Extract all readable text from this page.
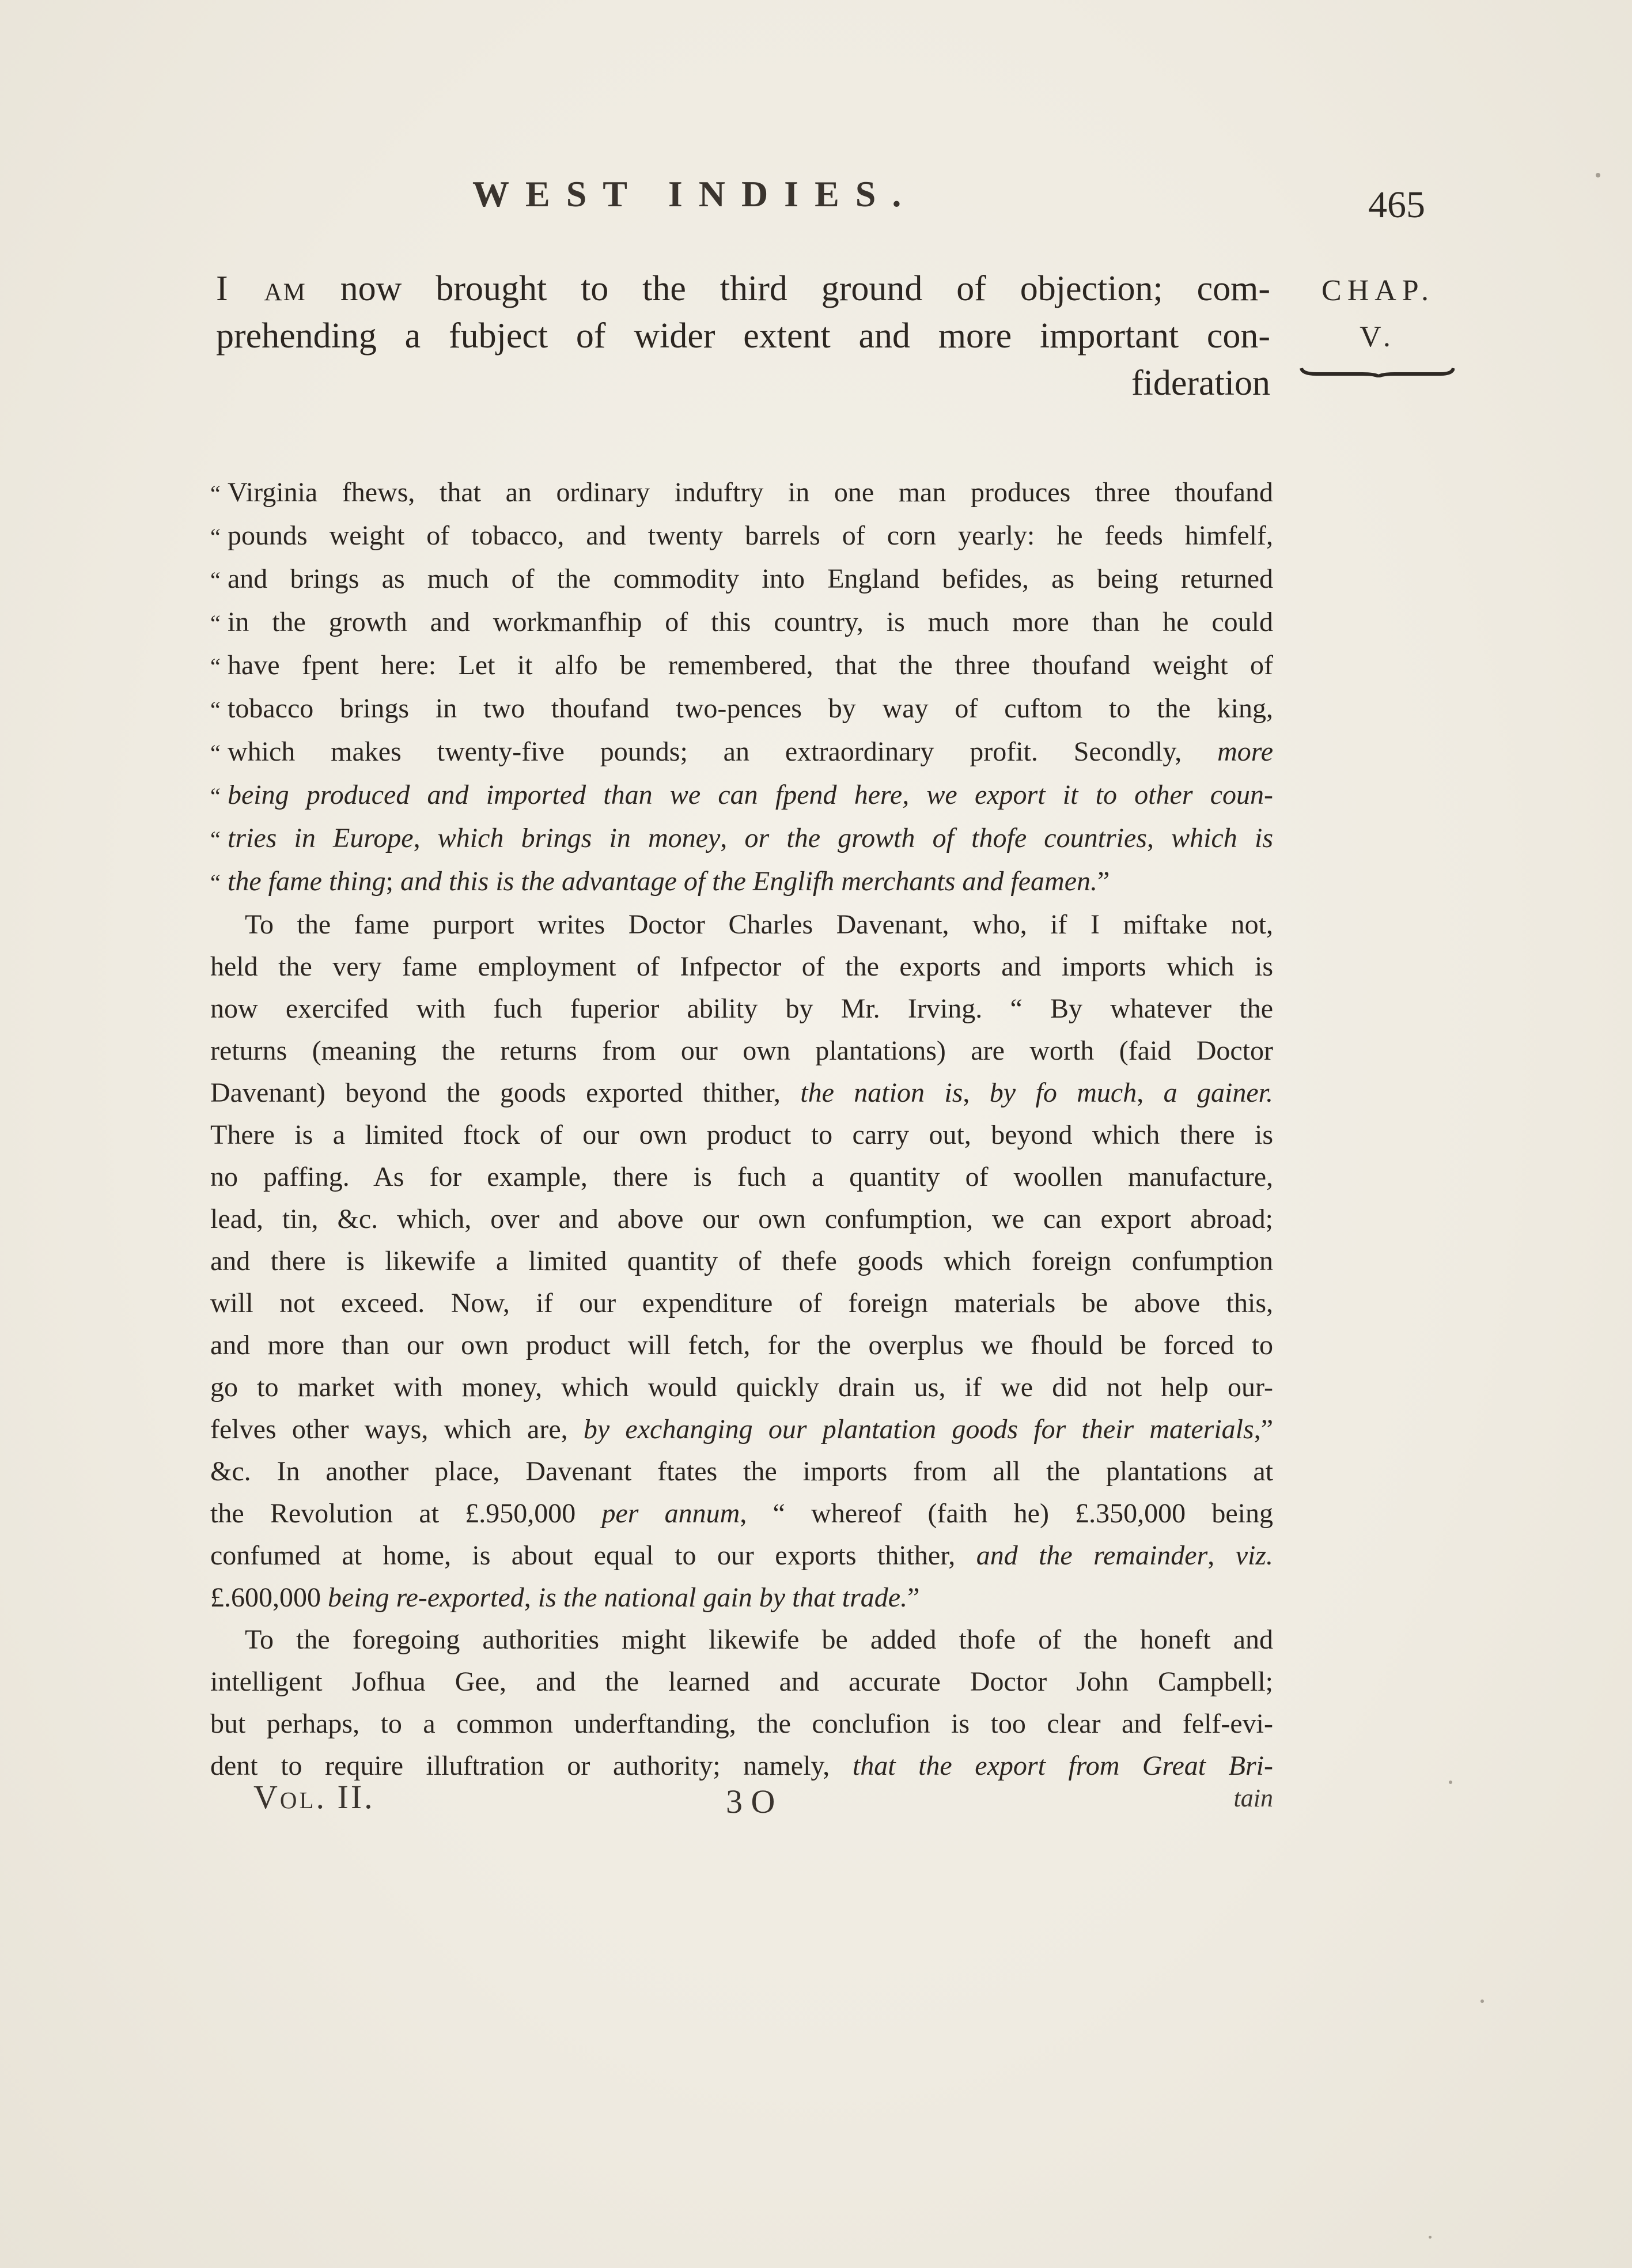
WEST INDIES.	465
I am now brought to the third ground of objection; com-
prehending a fubject of wider extent and more important con-
fideration
CHAP.
V.
“ Virginia fhews, that an ordinary induftry in one man produces three thoufand
“ pounds weight of tobacco, and twenty barrels of corn yearly: he feeds himfelf,
“ and brings as much of the commodity into England befides, as being returned
“ in the growth and workmanfhip of this country, is much more than he could
“ have fpent here: Let it alfo be remembered, that the three thoufand weight of
“ tobacco brings in two thoufand two-pences by way of cuftom to the king,
“ which makes twenty-five pounds; an extraordinary profit. Secondly, more
“ being produced and imported than we can fpend here, we export it to other coun-
“ tries in Europe, which brings in money, or the growth of thofe countries, which is
“ the fame thing; and this is the advantage of the Englifh merchants and feamen.”
To the fame purport writes Doctor Charles Davenant, who, if I miftake not,
held the very fame employment of Infpector of the exports and imports which is
now exercifed with fuch fuperior ability by Mr. Irving. “ By whatever the
returns (meaning the returns from our own plantations) are worth (faid Doctor
Davenant) beyond the goods exported thither, the nation is, by fo much, a gainer.
There is a limited ftock of our own product to carry out, beyond which there is
no paffing. As for example, there is fuch a quantity of woollen manufacture,
lead, tin, &c. which, over and above our own confumption, we can export abroad;
and there is likewife a limited quantity of thefe goods which foreign confumption
will not exceed. Now, if our expenditure of foreign materials be above this,
and more than our own product will fetch, for the overplus we fhould be forced to
go to market with money, which would quickly drain us, if we did not help our-
felves other ways, which are, by exchanging our plantation goods for their materials,”
&c. In another place, Davenant ftates the imports from all the plantations at
the Revolution at £.950,000 per annum, “ whereof (faith he) £.350,000 being
confumed at home, is about equal to our exports thither, and the remainder, viz.
£.600,000 being re-exported, is the national gain by that trade.”
To the foregoing authorities might likewife be added thofe of the honeft and
intelligent Jofhua Gee, and the learned and accurate Doctor John Campbell;
but perhaps, to a common underftanding, the conclufion is too clear and felf-evi-
dent to require illuftration or authority; namely, that the export from Great Bri-
Vol. II.	3 O	tain
